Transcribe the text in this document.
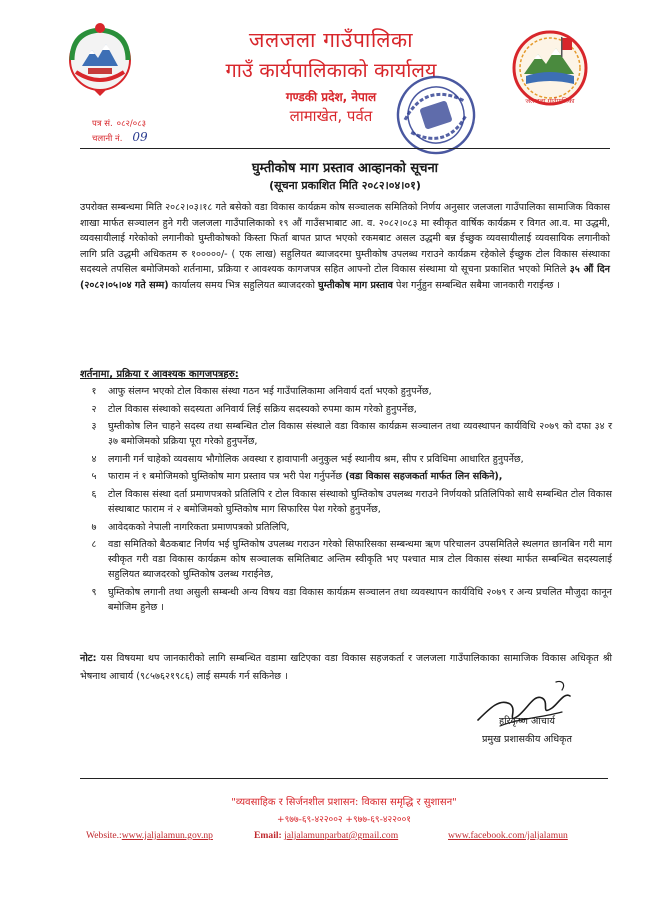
जलजला गाउँपालिका
जलजला गाउँपालिका
गाउँ कार्यपालिकाको कार्यालय
गण्डकी प्रदेश, नेपाल
लामाखेत, पर्वत
पत्र सं. ०८२/०८३
चलानी नं. 09
घुम्तीकोष माग प्रस्ताव आव्हानको सूचना
(सूचना प्रकाशित मिति २०८२।०४।०१)
उपरोक्त सम्बन्धमा मिति २०८२।०३।१८ गते बसेको वडा विकास कार्यक्रम कोष सञ्चालक समितिको निर्णय अनुसार जलजला गाउँपालिका सामाजिक विकास शाखा मार्फत सञ्चालन हुने गरी जलजला गाउँपालिकाको १९ औं गाउँसभाबाट आ. व. २०८२।०८३ मा स्वीकृत वार्षिक कार्यक्रम र विगत आ.व. मा उद्धमी, व्यवसायीलाई गरेकोको लगानीको घुम्तीकोषको किस्ता फिर्ता बापत प्राप्त भएको रकमबाट असल उद्धमी बन्न ईच्छुक व्यवसायीलाई व्यवसायिक लगानीको लागि प्रति उद्धमी अधिकतम रु १०००००/- ( एक लाख) सहुलियत ब्याजदरमा घुम्तीकोष उपलब्ध गराउने कार्यक्रम रहेकोले ईच्छुक टोल विकास संस्थाका सदस्यले तपसिल बमोजिमको शर्तनामा, प्रक्रिया र आवश्यक कागजपत्र सहित आफ्नो टोल विकास संस्थामा यो सूचना प्रकाशित भएको मितिले ३५ औं दिन (२०८२।०५।०४ गते सम्म) कार्यालय समय भित्र सहुलियत ब्याजदरको घुम्तीकोष माग प्रस्ताव पेश गर्नुहुन सम्बन्धित सबैमा जानकारी गराईन्छ ।
शर्तनामा, प्रक्रिया र आवश्यक कागजपत्रहरु:
१	आफु संलग्न भएको टोल विकास संस्था गठन भई गाउँपालिकामा अनिवार्य दर्ता भएको हुनुपर्नेछ,
२	टोल विकास संस्थाको सदस्यता अनिवार्य लिई सक्रिय सदस्यको रुपमा काम गरेको हुनुपर्नेछ,
३	घुम्तीकोष लिन चाहने सदस्य तथा सम्बन्धित टोल विकास संस्थाले वडा विकास कार्यक्रम सञ्चालन तथा व्यवस्थापन कार्यविधि २०७९ को दफा ३४ र ३७ बमोजिमको प्रक्रिया पूरा गरेको हुनुपर्नेछ,
४	लगानी गर्न चाहेको व्यवसाय भौगोलिक अवस्था र हावापानी अनुकुल भई स्थानीय श्रम, सीप र प्रविधिमा आधारित हुनुपर्नेछ,
५	फाराम नं १ बमोजिमको घुम्तिकोष माग प्रस्ताव पत्र भरी पेश गर्नुपर्नेछ (वडा विकास सहजकर्ता मार्फत लिन सकिने),
६	टोल विकास संस्था दर्ता प्रमाणपत्रको प्रतिलिपि र टोल विकास संस्थाको घुम्तिकोष उपलब्ध गराउने निर्णयको प्रतिलिपिको साथै सम्बन्धित टोल विकास संस्थाबाट फाराम नं २ बमोजिमको घुम्तिकोष माग सिफारिस पेश गरेको हुनुपर्नेछ,
७	आवेदकको नेपाली नागरिकता प्रमाणपत्रको प्रतिलिपि,
८	वडा समितिको बैठकबाट निर्णय भई घुम्तिकोष उपलब्ध गराउन गरेको सिफारिसका सम्बन्धमा ऋण परिचालन उपसमितिले स्थलगत छानबिन गरी माग स्वीकृत गरी वडा विकास कार्यक्रम कोष सञ्चालक समितिबाट अन्तिम स्वीकृति भए पश्चात मात्र टोल विकास संस्था मार्फत सम्बन्धित सदस्यलाई सहुलियत ब्याजदरको घुम्तिकोष उलब्ध गराईनेछ,
९	घुम्तिकोष लगानी तथा असुली सम्बन्धी अन्य विषय वडा विकास कार्यक्रम सञ्चालन तथा व्यवस्थापन कार्यविधि २०७९ र अन्य प्रचलित मौजुदा कानून बमोजिम हुनेछ ।
नोट: यस विषयमा थप जानकारीको लागि सम्बन्धित वडामा खटिएका वडा विकास सहजकर्ता र जलजला गाउँपालिकाका सामाजिक विकास अधिकृत श्री भेषनाथ आचार्य (९८५७६२१९८६) लाई सम्पर्क गर्न सकिनेछ ।
हरिकृष्ण आचार्य
प्रमुख प्रशासकीय अधिकृत
"व्यवसाहिक र सिर्जनशील प्रशासन: विकास समृद्धि र सुशासन"
+९७७-६९-४२२००२ +९७७-६९-४२२००१
Website.:www.jaljalamun.gov.np	Email: jaljalamunparbat@gmail.com	www.facebook.com/jaljalamun
